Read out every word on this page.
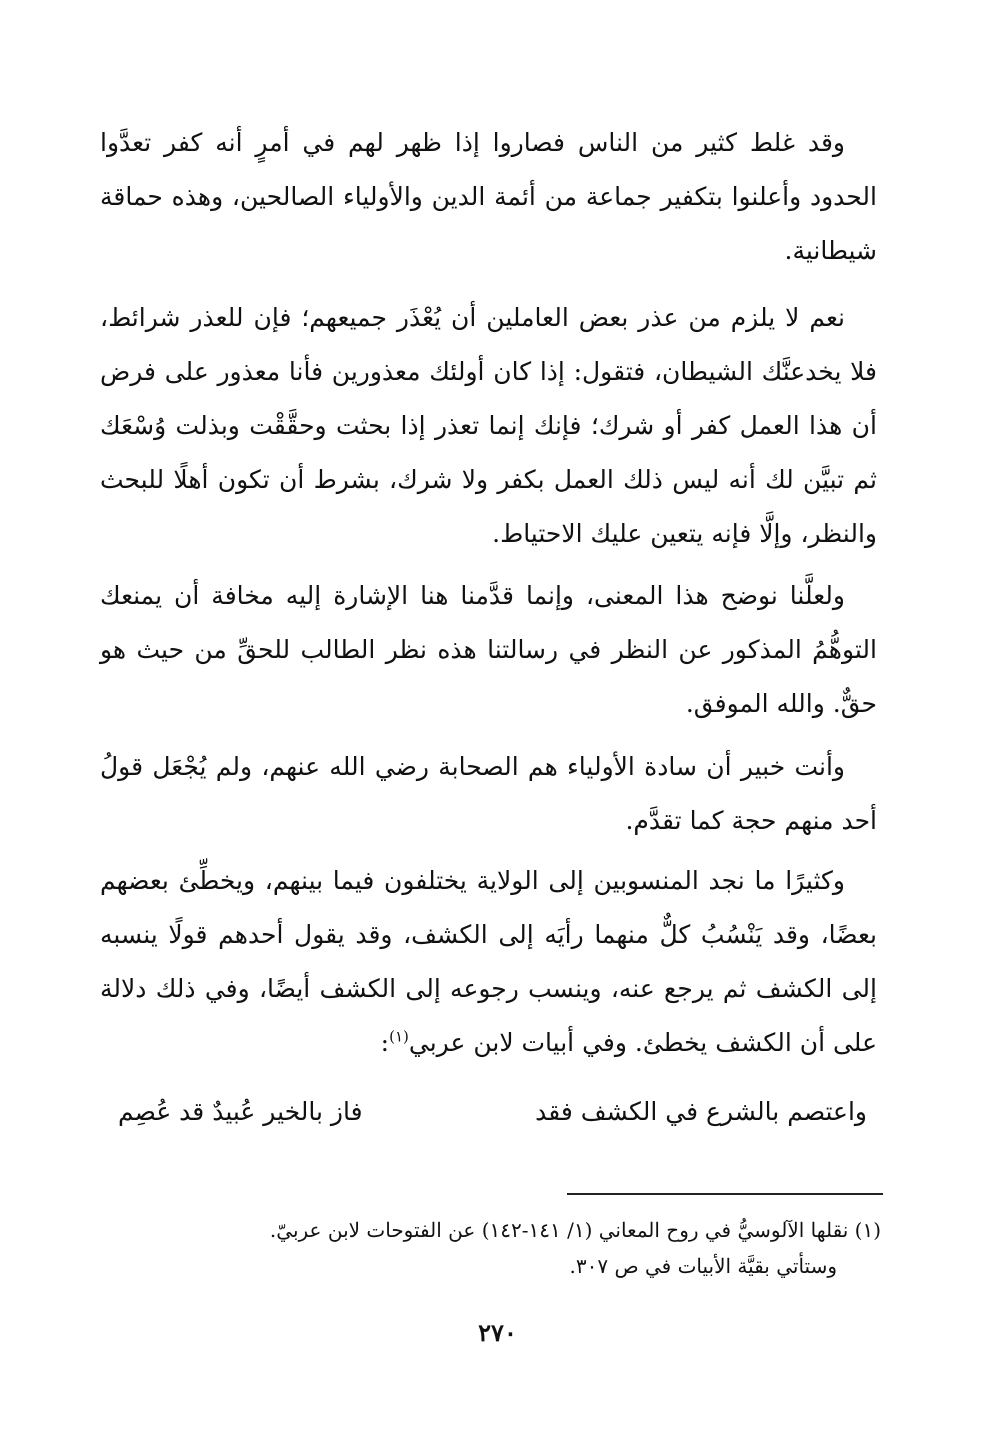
وقد غلط كثير من الناس فصاروا إذا ظهر لهم في أمرٍ أنه كفر تعدَّوا الحدود وأعلنوا بتكفير جماعة من أئمة الدين والأولياء الصالحين، وهذه حماقة شيطانية.

نعم لا يلزم من عذر بعض العاملين أن يُعْذَر جميعهم؛ فإن للعذر شرائط، فلا يخدعنَّك الشيطان، فتقول: إذا كان أولئك معذورين فأنا معذور على فرض أن هذا العمل كفر أو شرك؛ فإنك إنما تعذر إذا بحثت وحقَّقْت وبذلت وُسْعَك ثم تبيَّن لك أنه ليس ذلك العمل بكفر ولا شرك، بشرط أن تكون أهلًا للبحث والنظر، وإلَّا فإنه يتعين عليك الاحتياط.

ولعلَّنا نوضح هذا المعنى، وإنما قدَّمنا هنا الإشارة إليه مخافة أن يمنعك التوهُّمُ المذكور عن النظر في رسالتنا هذه نظر الطالب للحقِّ من حيث هو حقٌّ. والله الموفق.

وأنت خبير أن سادة الأولياء هم الصحابة رضي الله عنهم، ولم يُجْعَل قولُ أحد منهم حجة كما تقدَّم.

وكثيرًا ما نجد المنسوبين إلى الولاية يختلفون فيما بينهم، ويخطِّئ بعضهم بعضًا، وقد يَنْسُبُ كلٌّ منهما رأيَه إلى الكشف، وقد يقول أحدهم قولًا ينسبه إلى الكشف ثم يرجع عنه، وينسب رجوعه إلى الكشف أيضًا، وفي ذلك دلالة على أن الكشف يخطئ. وفي أبيات لابن عربي$^{(١)}$:

واعتصم بالشرع في الكشف فقد
فاز بالخير عُبيدٌ قد عُصِم

(١) نقلها الآلوسيُّ في روح المعاني (١/ ١٤١-١٤٢) عن الفتوحات لابن عربيّ.

وستأتي بقيَّة الأبيات في ص ٣٠٧.

٢٧٠
